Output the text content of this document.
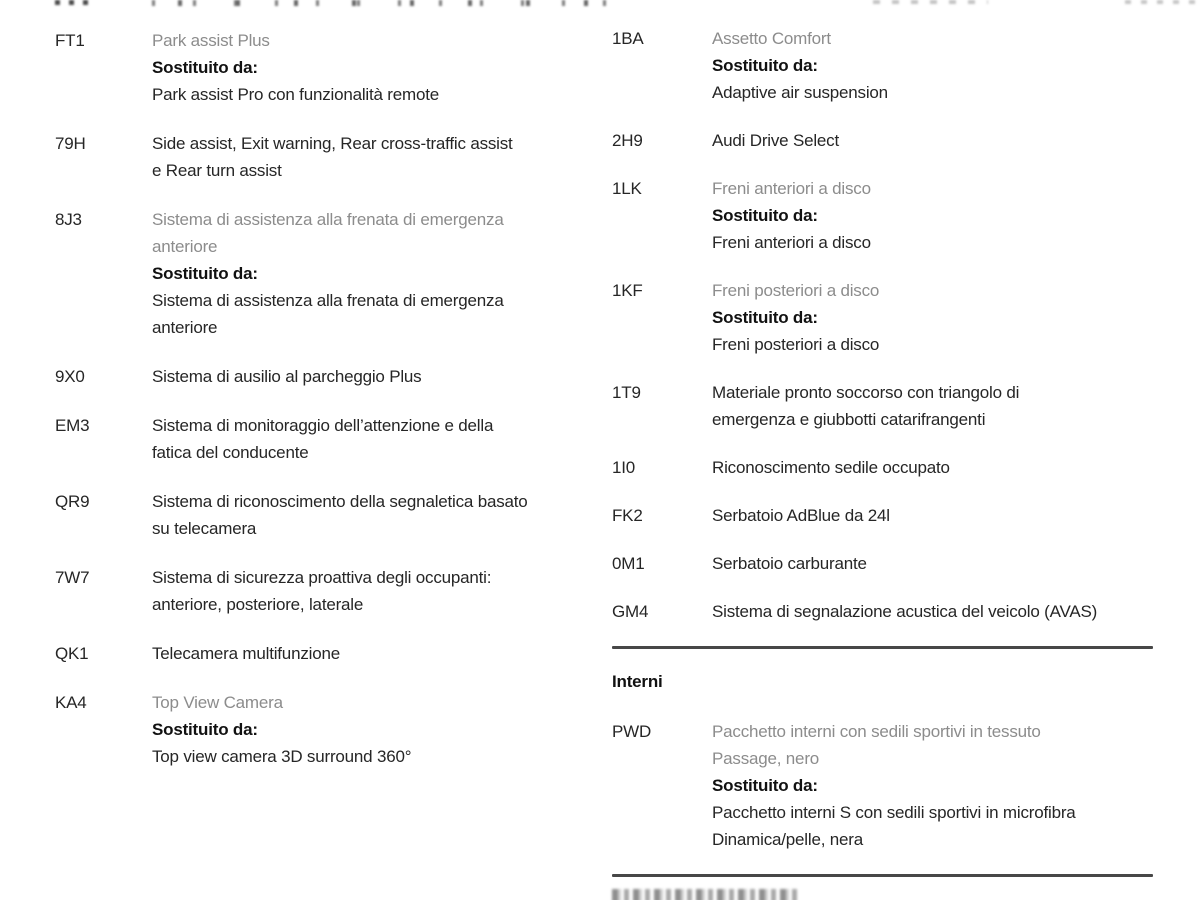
FT1	Park assist Plus
Sostituito da:
Park assist Pro con funzionalità remote
79H	Side assist, Exit warning, Rear cross-traffic assist
e Rear turn assist
8J3	Sistema di assistenza alla frenata di emergenza
anteriore
Sostituito da:
Sistema di assistenza alla frenata di emergenza
anteriore
9X0	Sistema di ausilio al parcheggio Plus
EM3	Sistema di monitoraggio dell’attenzione e della
fatica del conducente
QR9	Sistema di riconoscimento della segnaletica basato
su telecamera
7W7	Sistema di sicurezza proattiva degli occupanti:
anteriore, posteriore, laterale
QK1	Telecamera multifunzione
KA4	Top View Camera
Sostituito da:
Top view camera 3D surround 360°
1BA	Assetto Comfort
Sostituito da:
Adaptive air suspension
2H9	Audi Drive Select
1LK	Freni anteriori a disco
Sostituito da:
Freni anteriori a disco
1KF	Freni posteriori a disco
Sostituito da:
Freni posteriori a disco
1T9	Materiale pronto soccorso con triangolo di
emergenza e giubbotti catarifrangenti
1I0	Riconoscimento sedile occupato
FK2	Serbatoio AdBlue da 24l
0M1	Serbatoio carburante
GM4	Sistema di segnalazione acustica del veicolo (AVAS)
Interni
PWD	Pacchetto interni con sedili sportivi in tessuto
Passage, nero
Sostituito da:
Pacchetto interni S con sedili sportivi in microfibra
Dinamica/pelle, nera
